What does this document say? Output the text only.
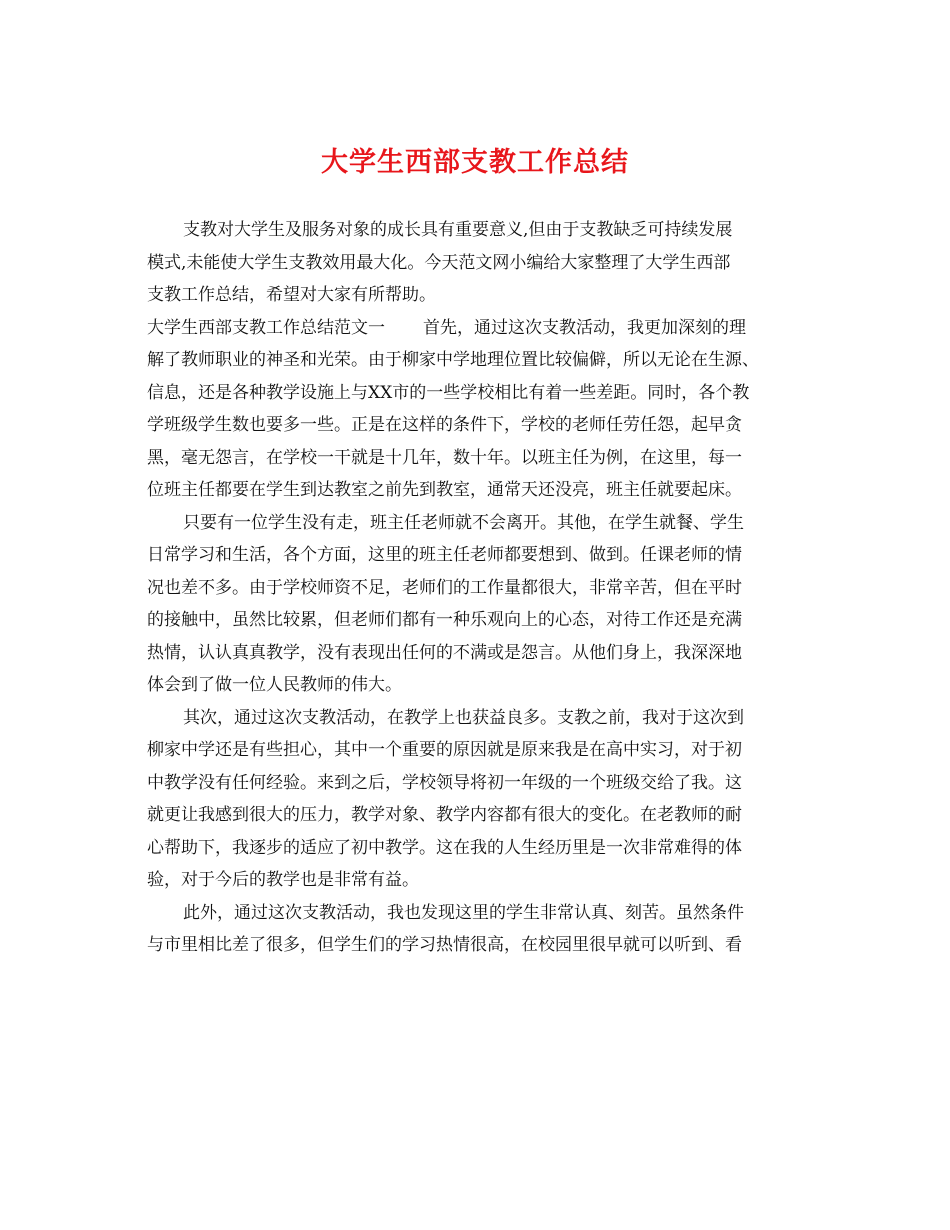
大学生西部支教工作总结

支教对大学生及服务对象的成长具有重要意义,但由于支教缺乏可持续发展
模式,未能使大学生支教效用最大化。今天范文网小编给大家整理了大学生西部
支教工作总结，希望对大家有所帮助。

大学生西部支教工作总结范文一 首先，通过这次支教活动，我更加深刻的理
解了教师职业的神圣和光荣。由于柳家中学地理位置比较偏僻，所以无论在生源、
信息，还是各种教学设施上与XX市的一些学校相比有着一些差距。同时，各个教
学班级学生数也要多一些。正是在这样的条件下，学校的老师任劳任怨，起早贪
黑，毫无怨言，在学校一干就是十几年，数十年。以班主任为例，在这里，每一
位班主任都要在学生到达教室之前先到教室，通常天还没亮，班主任就要起床。

只要有一位学生没有走，班主任老师就不会离开。其他，在学生就餐、学生
日常学习和生活，各个方面，这里的班主任老师都要想到、做到。任课老师的情
况也差不多。由于学校师资不足，老师们的工作量都很大，非常辛苦，但在平时
的接触中，虽然比较累，但老师们都有一种乐观向上的心态，对待工作还是充满
热情，认认真真教学，没有表现出任何的不满或是怨言。从他们身上，我深深地
体会到了做一位人民教师的伟大。

其次，通过这次支教活动，在教学上也获益良多。支教之前，我对于这次到
柳家中学还是有些担心，其中一个重要的原因就是原来我是在高中实习，对于初
中教学没有任何经验。来到之后，学校领导将初一年级的一个班级交给了我。这
就更让我感到很大的压力，教学对象、教学内容都有很大的变化。在老教师的耐
心帮助下，我逐步的适应了初中教学。这在我的人生经历里是一次非常难得的体
验，对于今后的教学也是非常有益。

此外，通过这次支教活动，我也发现这里的学生非常认真、刻苦。虽然条件
与市里相比差了很多，但学生们的学习热情很高，在校园里很早就可以听到、看
